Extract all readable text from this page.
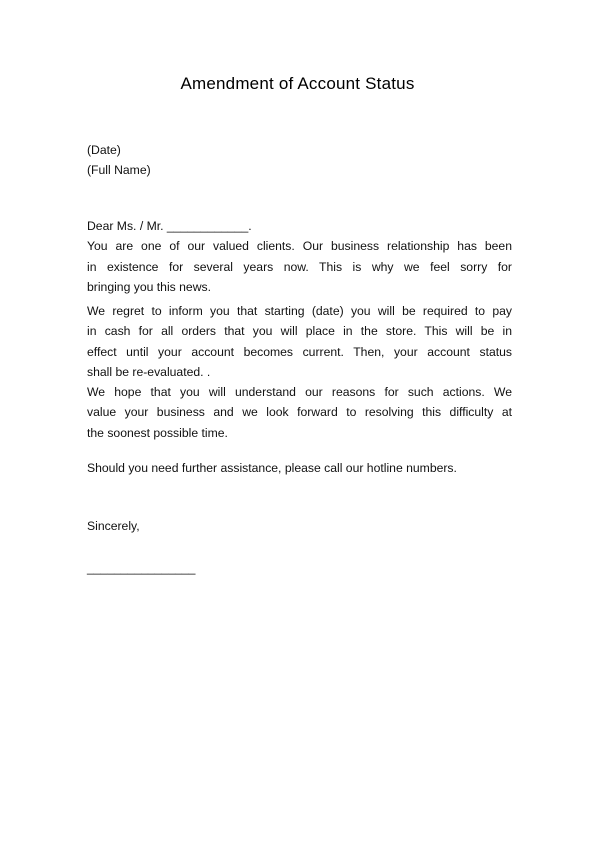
Amendment of Account Status
(Date)
(Full Name)
Dear Ms. / Mr. ____________.
You are one of our valued clients. Our business relationship has been
in existence for several years now. This is why we feel sorry for
bringing you this news.
We regret to inform you that starting (date) you will be required to pay
in cash for all orders that you will place in the store. This will be in
effect until your account becomes current. Then, your account status
shall be re-evaluated. .
We hope that you will understand our reasons for such actions. We
value your business and we look forward to resolving this difficulty at
the soonest possible time.
Should you need further assistance, please call our hotline numbers.
Sincerely,
________________
